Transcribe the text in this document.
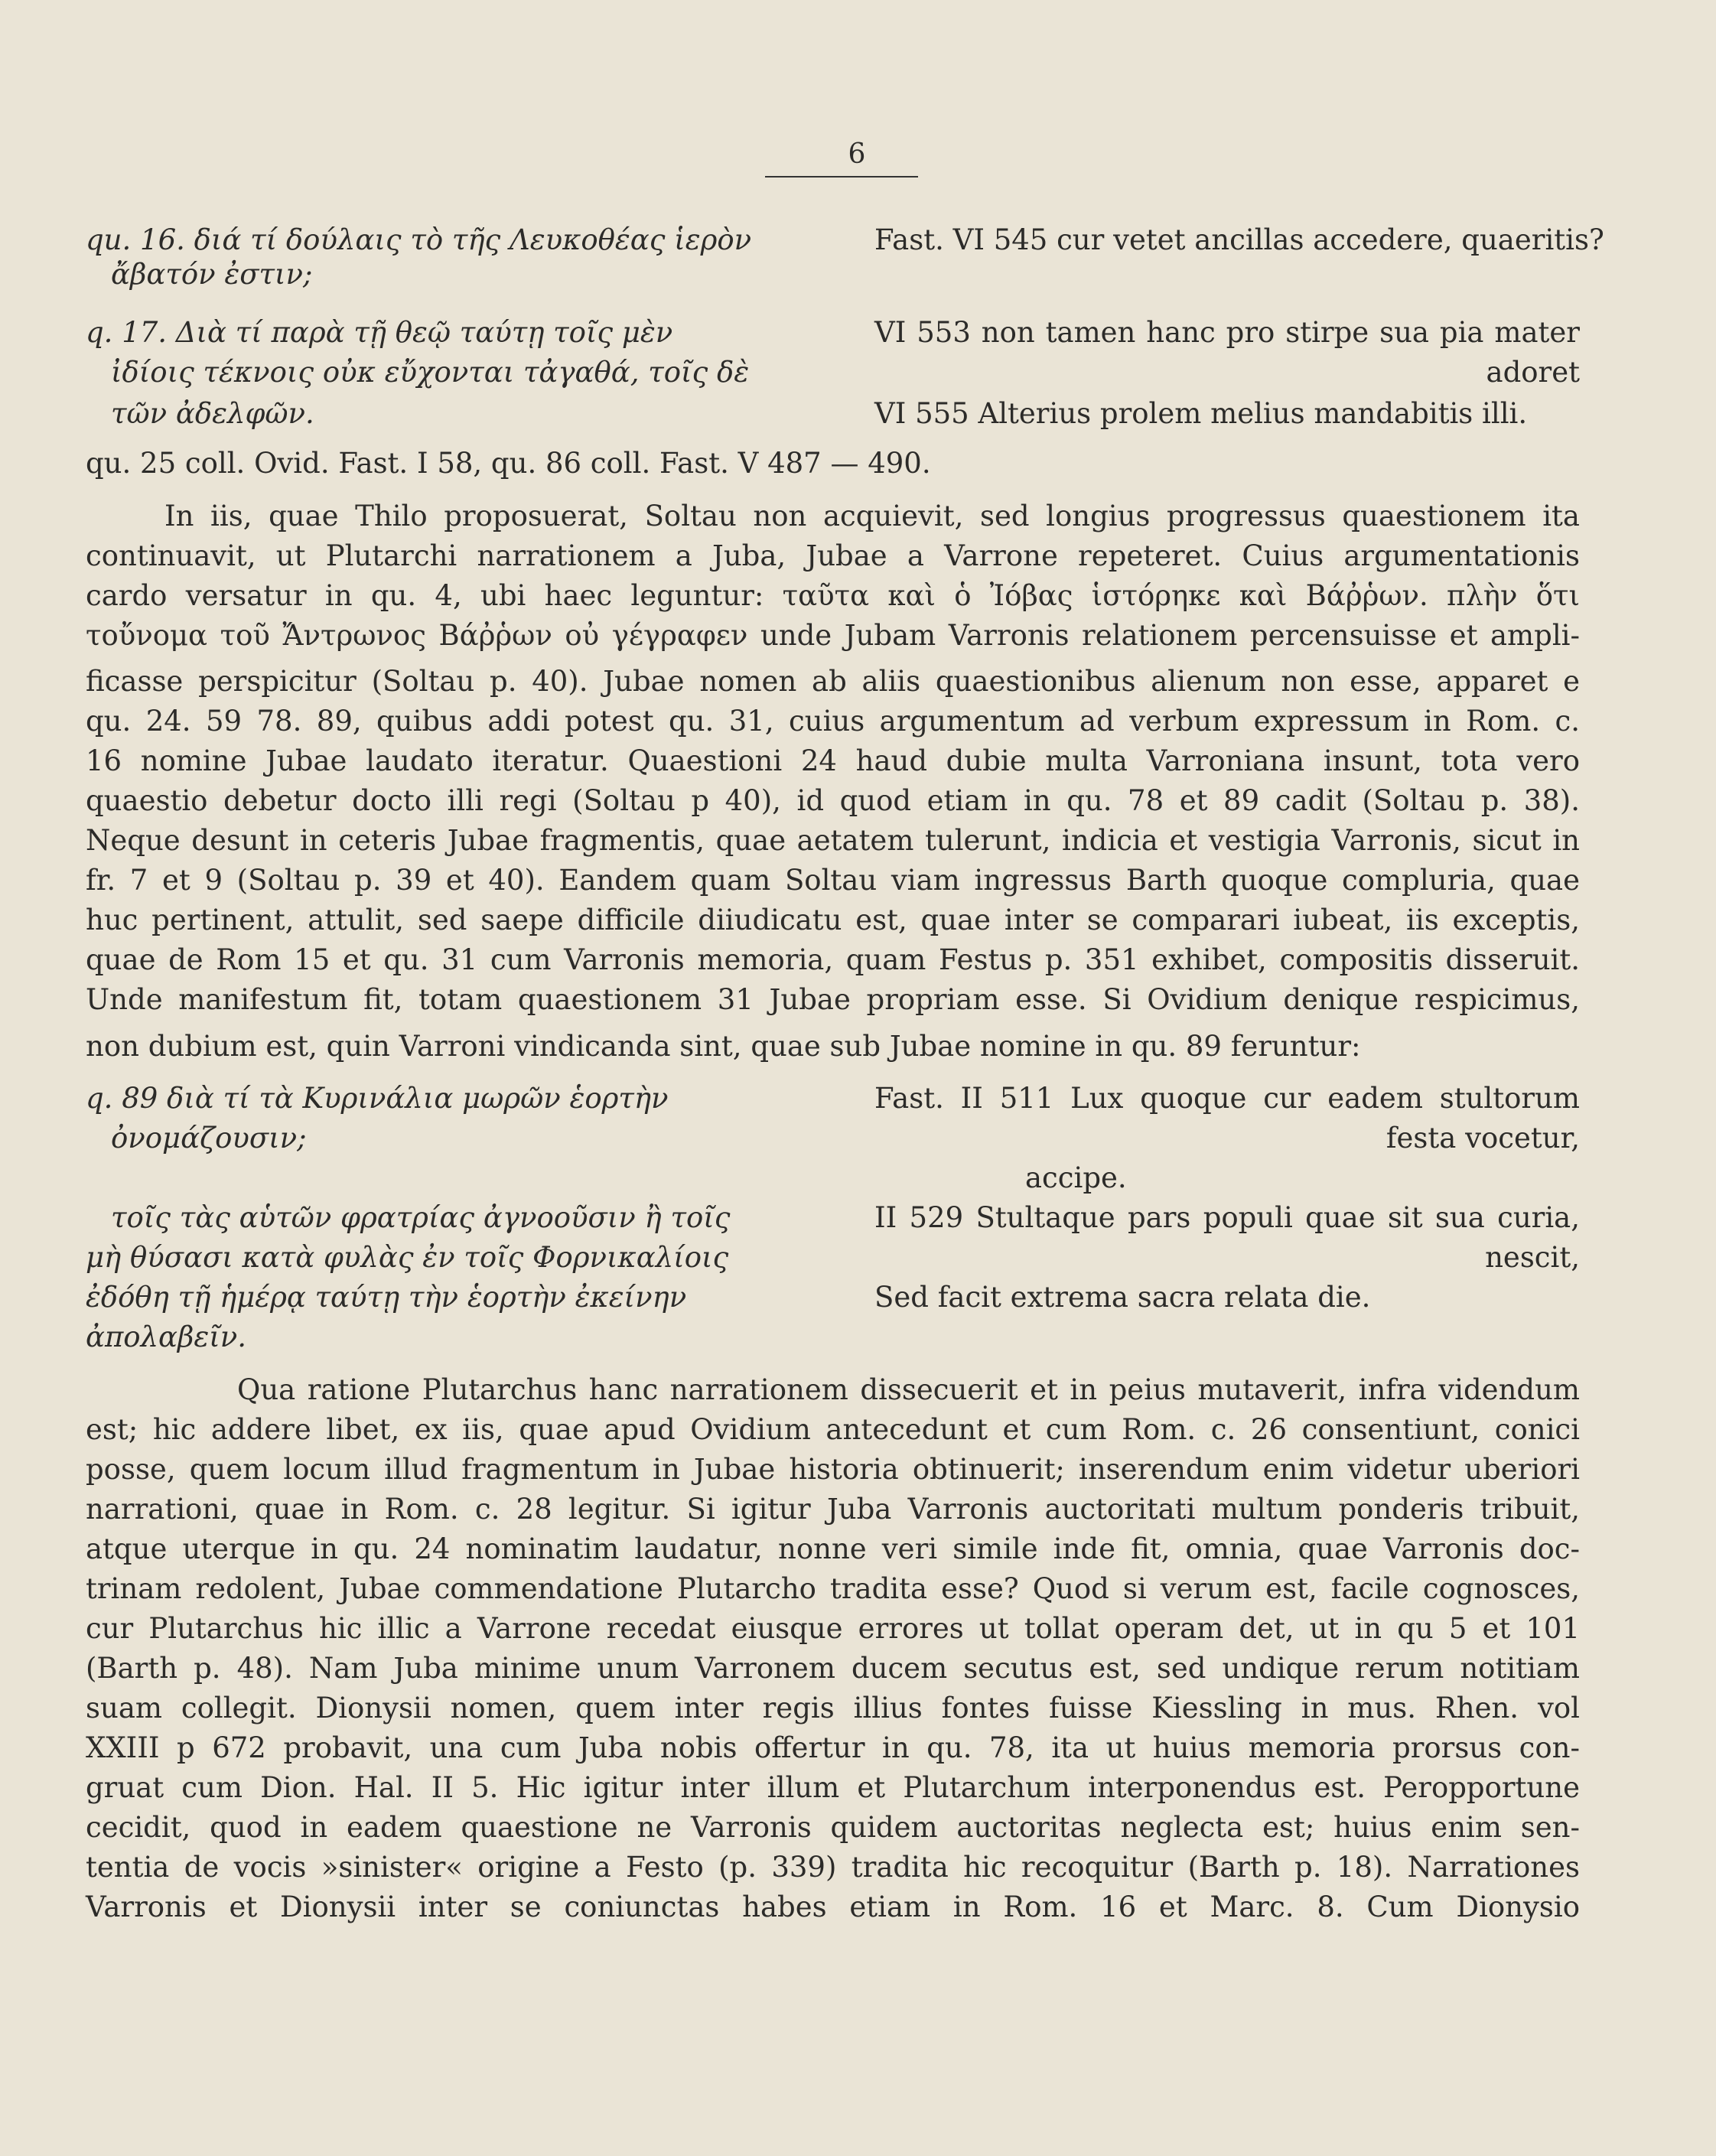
6
qu. 16. διά τί δούλαις τὸ τῆς Λευκοθέας ἱερὸν	Fast. VI 545 cur vetet ancillas accedere, quaeritis?
ἄβατόν ἐστιν;
q. 17. Διὰ τί παρὰ τῇ θεῷ ταύτῃ τοῖς μὲν	VI 553 non tamen hanc pro stirpe sua pia mater
ἰδίοις τέκνοις οὐκ εὔχονται τἀγαθά, τοῖς δὲ	adoret
τῶν ἀδελφῶν.	VI 555 Alterius prolem melius mandabitis illi.
qu. 25 coll. Ovid. Fast. I 58, qu. 86 coll. Fast. V 487 — 490.
In iis, quae Thilo proposuerat, Soltau non acquievit, sed longius progressus quaestionem ita
continuavit, ut Plutarchi narrationem a Juba, Jubae a Varrone repeteret. Cuius argumentationis
cardo versatur in qu. 4, ubi haec leguntur: ταῦτα καὶ ὁ Ἰόβας ἱστόρηκε καὶ Βάῤῥων. πλὴν ὅτι
τοὔνομα τοῦ Ἄντρωνος Βάῤῥων οὐ γέγραφεν unde Jubam Varronis relationem percensuisse et ampli-
ficasse perspicitur (Soltau p. 40). Jubae nomen ab aliis quaestionibus alienum non esse, apparet e
qu. 24. 59 78. 89, quibus addi potest qu. 31, cuius argumentum ad verbum expressum in Rom. c.
16 nomine Jubae laudato iteratur. Quaestioni 24 haud dubie multa Varroniana insunt, tota vero
quaestio debetur docto illi regi (Soltau p 40), id quod etiam in qu. 78 et 89 cadit (Soltau p. 38).
Neque desunt in ceteris Jubae fragmentis, quae aetatem tulerunt, indicia et vestigia Varronis, sicut in
fr. 7 et 9 (Soltau p. 39 et 40). Eandem quam Soltau viam ingressus Barth quoque compluria, quae
huc pertinent, attulit, sed saepe difficile diiudicatu est, quae inter se comparari iubeat, iis exceptis,
quae de Rom 15 et qu. 31 cum Varronis memoria, quam Festus p. 351 exhibet, compositis disseruit.
Unde manifestum fit, totam quaestionem 31 Jubae propriam esse. Si Ovidium denique respicimus,
non dubium est, quin Varroni vindicanda sint, quae sub Jubae nomine in qu. 89 feruntur:
q. 89 διὰ τί τὰ Κυρινάλια μωρῶν ἑορτὴν	Fast. II 511 Lux quoque cur eadem stultorum
ὀνομάζουσιν;	festa vocetur,
accipe.
τοῖς τὰς αὑτῶν φρατρίας ἀγνοοῦσιν ἢ τοῖς	II 529 Stultaque pars populi quae sit sua curia,
μὴ θύσασι κατὰ φυλὰς ἐν τοῖς Φορνικαλίοις	nescit,
ἐδόθη τῇ ἡμέρᾳ ταύτῃ τὴν ἑορτὴν ἐκείνην	Sed facit extrema sacra relata die.
ἀπολαβεῖν.
Qua ratione Plutarchus hanc narrationem dissecuerit et in peius mutaverit, infra videndum
est; hic addere libet, ex iis, quae apud Ovidium antecedunt et cum Rom. c. 26 consentiunt, conici
posse, quem locum illud fragmentum in Jubae historia obtinuerit; inserendum enim videtur uberiori
narrationi, quae in Rom. c. 28 legitur. Si igitur Juba Varronis auctoritati multum ponderis tribuit,
atque uterque in qu. 24 nominatim laudatur, nonne veri simile inde fit, omnia, quae Varronis doc-
trinam redolent, Jubae commendatione Plutarcho tradita esse? Quod si verum est, facile cognosces,
cur Plutarchus hic illic a Varrone recedat eiusque errores ut tollat operam det, ut in qu 5 et 101
(Barth p. 48). Nam Juba minime unum Varronem ducem secutus est, sed undique rerum notitiam
suam collegit. Dionysii nomen, quem inter regis illius fontes fuisse Kiessling in mus. Rhen. vol
XXIII p 672 probavit, una cum Juba nobis offertur in qu. 78, ita ut huius memoria prorsus con-
gruat cum Dion. Hal. II 5. Hic igitur inter illum et Plutarchum interponendus est. Peropportune
cecidit, quod in eadem quaestione ne Varronis quidem auctoritas neglecta est; huius enim sen-
tentia de vocis »sinister« origine a Festo (p. 339) tradita hic recoquitur (Barth p. 18). Narrationes
Varronis et Dionysii inter se coniunctas habes etiam in Rom. 16 et Marc. 8. Cum Dionysio
